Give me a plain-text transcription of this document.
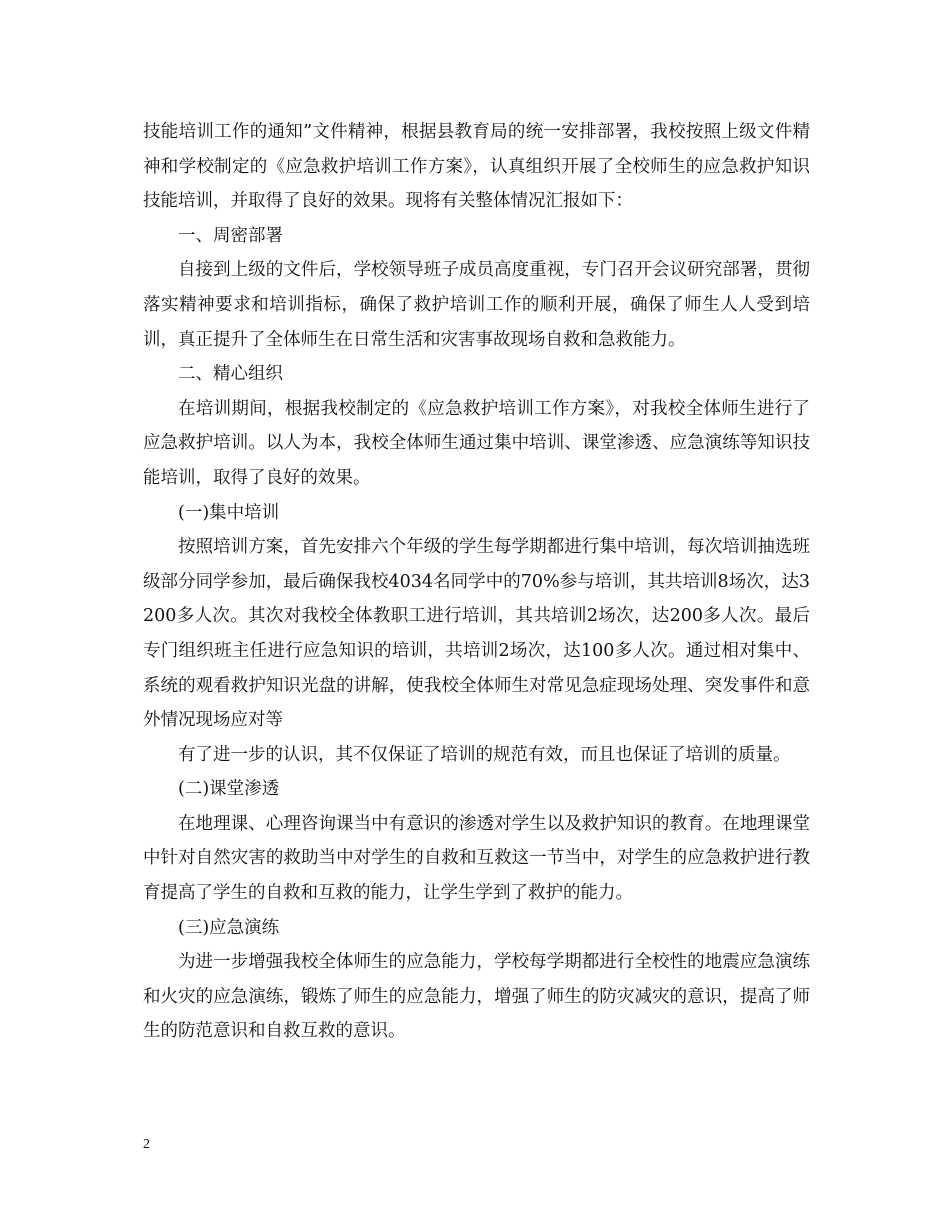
技能培训工作的通知”文件精神，根据县教育局的统一安排部署，我校按照上级文件精神和学校制定的《应急救护培训工作方案》，认真组织开展了全校师生的应急救护知识技能培训，并取得了良好的效果。现将有关整体情况汇报如下：

一、周密部署

自接到上级的文件后，学校领导班子成员高度重视，专门召开会议研究部署，贯彻落实精神要求和培训指标，确保了救护培训工作的顺利开展，确保了师生人人受到培训，真正提升了全体师生在日常生活和灾害事故现场自救和急救能力。

二、精心组织

在培训期间，根据我校制定的《应急救护培训工作方案》，对我校全体师生进行了应急救护培训。以人为本，我校全体师生通过集中培训、课堂渗透、应急演练等知识技能培训，取得了良好的效果。

(一)集中培训

按照培训方案，首先安排六个年级的学生每学期都进行集中培训，每次培训抽选班级部分同学参加，最后确保我校4034名同学中的70%参与培训，其共培训8场次，达3200多人次。其次对我校全体教职工进行培训，其共培训2场次，达200多人次。最后专门组织班主任进行应急知识的培训，共培训2场次，达100多人次。通过相对集中、系统的观看救护知识光盘的讲解，使我校全体师生对常见急症现场处理、突发事件和意外情况现场应对等

有了进一步的认识，其不仅保证了培训的规范有效，而且也保证了培训的质量。

(二)课堂渗透

在地理课、心理咨询课当中有意识的渗透对学生以及救护知识的教育。在地理课堂中针对自然灾害的救助当中对学生的自救和互救这一节当中，对学生的应急救护进行教育提高了学生的自救和互救的能力，让学生学到了救护的能力。

(三)应急演练

为进一步增强我校全体师生的应急能力，学校每学期都进行全校性的地震应急演练和火灾的应急演练，锻炼了师生的应急能力，增强了师生的防灾减灾的意识，提高了师生的防范意识和自救互救的意识。

2
